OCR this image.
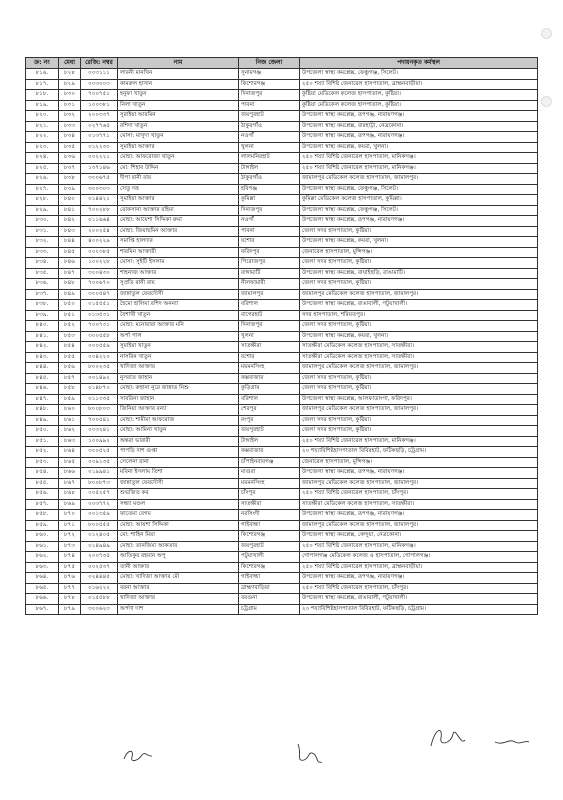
ক্র: নং	মেধা	রেজি: নম্বর	নাম	নিজ জেলা	পদায়নকৃত কর্মস্থল
৮১৬.	৮২৮	০০৩১১১	লাবনী মানখিন	সুনামগঞ্জ	উপজেলা স্বাস্থ্য কমপ্লেক্স, ফেঞ্চুগঞ্জ, সিলেট।
৮১৭.	৮২৯	০০৩০০৩	কামরুল হাসান	কিশোরগঞ্জ	২৫০ শয্যা বিশিষ্ট জেনারেল হাসপাতাল, ব্রাহ্মনবাড়ীয়া।
৮১৮.	৮৩০	৭০০৭৫১	হনুফা খাতুন	দিনাজপুর	কুষ্টিয়া মেডিকেল কলেজ হাসপাতাল, কুষ্টিয়া।
৮১৯.	৮৩১	১০০৩৮১	নিলা খাতুন	পাবনা	কুষ্টিয়া মেডিকেল কলেজ হাসপাতাল, কুষ্টিয়া।
৮২০.	৮৩২	২০০৩৩৭	সুরাইয়া আরমিন	জয়পুরহাট	উপজেলা স্বাস্থ্য কমপ্লেক্স, রূপগঞ্জ, নারায়ণগঞ্জ।
৮২১.	৮৩৩	০২৭৭৬৫	রশিদা খাতুন	ঠাকুরগাঁও	উপজেলা স্বাস্থ্য কমপ্লেক্স, বারহাট্টা, নেত্রকোনা।
৮২২.	৮৩৪	০১৩৭৭১	মোসা: মাসুদা খাতুন	নওগাঁ	উপজেলা স্বাস্থ্য কমপ্লেক্স, রূপগঞ্জ, নারায়ণগঞ্জ।
৮২৩.	৮৩৫	০১২২৩০	সুমাইয়া আক্তার	খুলনা	উপজেলা স্বাস্থ্য কমপ্লেক্স, কয়রা, খুলনা।
৮২৪.	৮৩৬	০০২২২১	মোছা: আফরোজা খাতুন	লালমনিরহাট	২৫০ শয্যা বিশিষ্ট জেনারেল হাসপাতাল, মানিকগঞ্জ।
৮২৫.	৮৩৭	১৩৭১৪৬	মো: শিহাব উদ্দিন	টাঙ্গাইল	২৫০ শয্যা বিশিষ্ট জেনারেল হাসপাতাল, মানিকগঞ্জ।
৮২৬.	৮৩৮	৩০০৬৭৫	দীপা রানী রায়	ঠাকুরগাঁও	জামালপুর মেডিকেল কলেজ হাসপাতাল, জামালপুর।
৮২৭.	৮৩৯	৩০০৩০৩	সেতু দত্ত	হবিগঞ্জ	উপজেলা স্বাস্থ্য কমপ্লেক্স, ফেঞ্চুগঞ্জ, সিলেট।
৮২৮.	৮৪০	০১৪৪২১	সুমাইয়া আক্তার	কুমিল্লা	কুমিল্লা মেডিকেল কলেজ হাসপাতাল, কুমিল্লা।
৮২৯.	৮৪১	৭০০২৮৮	রোকসানা আক্তার রহিমা	দিনাজপুর	উপজেলা স্বাস্থ্য কমপ্লেক্স, ফেঞ্চুগঞ্জ, সিলেট।
৮৩০.	৮৪২	০১১৬৬৪	মোছা: আয়েশা সিদ্দিকা রুমা	নওগাঁ	উপজেলা স্বাস্থ্য কমপ্লেক্স, রূপগঞ্জ, নারায়ণগঞ্জ।
৮৩১.	৮৪৩	২০০২৫৪	মোছা: জিয়াছমিন আক্তার	পাবনা	জেলা সদর হাসপাতাল, কুষ্টিয়া।
৮৩২.	৮৪৪	৪০০২২৯	সমাপ্তি হালদার	যশোর	উপজেলা স্বাস্থ্য কমপ্লেক্স, কয়রা, খুলনা।
৮৩৩.	৮৪৫	০০২৩৮৫	শারমিন আক্তারী	ফরিদপুর	জেনারেল হাসপাতাল, মুন্সিগঞ্জ।
৮৩৪.	৮৪৬	১০০২২৮	মোসা: সুইটি ইসলাম	পিরোজপুর	জেলা সদর হাসপাতাল, কুষ্টিয়া।
৮৩৫.	৮৪৭	৩০০৪৩০	শাহনাজ আক্তার	রাঙ্গামাটি	উপজেলা স্বাস্থ্য কমপ্লেক্স, বাঘাইছড়ি, রাঙামাটি।
৮৩৬.	৮৪৮	৭০০৬৭০	সুপ্রতি রানী রায়	নীলফামারী	জেলা সদর হাসপাতাল, কুষ্টিয়া।
৮৩৭.	৮৪৯	৩০০৫৪৭	জান্নাতুল ফেরদৌসী	জামালপুর	জামালপুর মেডিকেল কলেজ হাসপাতাল, জামালপুর।
৮৩৮.	৮৫০	০১৫৫৫১	হৈমো হালিমা রশিদ অনন্যা	বরিশাল	উপজেলা স্বাস্থ্য কমপ্লেক্স, রাঙাবালী, পটুয়াখালী।
৮৩৯.	৮৫১	০১৩৫৩১	বৈশাখী খাতুন	বাগেরহাট	সদর হাসপাতাল, শরিয়তপুর।
৮৪০.	৮৫২	৭০০৭৩১	মোছা: মনোয়ারা আক্তার মনি	দিনাজপুর	জেলা সদর হাসপাতাল, কুষ্টিয়া।
৮৪১.	৮৫৩	৩০০৫৫৮	অর্পা পাল	খুলনা	উপজেলা স্বাস্থ্য কমপ্লেক্স, কয়রা, খুলনা।
৮৪২.	৮৫৪	০০০৫৫৯	সুমাইয়া খাতুন	সাতক্ষীরা	সাতক্ষীরা মেডিকেল কলেজ হাসপাতাল, সাতক্ষীরা।
৮৪৩.	৮৫৫	০০৪২২০	নাসরিন খাতুন	যশোর	সাতক্ষীরা মেডিকেল কলেজ হাসপাতাল, সাতক্ষীরা।
৮৪৪.	৮৫৬	৮০০২৩৫	খাদিজা আক্তার	ময়মনসিংহ	জামালপুর মেডিকেল কলেজ হাসপাতাল, জামালপুর।
৮৪৫.	৮৫৭	০০১৪৯২	নুসরাত জাহান	কক্সবাজার	জেলা সদর হাসপাতাল, কুষ্টিয়া।
৮৪৬.	৮৫৮	০১৪৮৭০	মোছা: রুহানা নুরে জান্নাত নিশু	কুড়িগ্রাম	জেলা সদর হাসপাতাল, কুষ্টিয়া।
৮৪৭.	৮৫৯	০১১৩৩৫	সাবরিনা জাহান	বরিশাল	উপজেলা স্বাস্থ্য কমপ্লেক্স, আলফাডাংগা, ফরিদপুর।
৮৪৮.	৮৬০	৮০০৮০৩	জিনিয়া আক্তার বন্যা	শেরপুর	জামালপুর মেডিকেল কলেজ হাসপাতাল, জামালপুর।
৮৪৯.	৮৬১	৭০০৫৪১	মোছা: শামীমা আফরোজ	রংপুর	জেলা সদর হাসপাতাল, কুষ্টিয়া।
৮৫০.	৮৬২	০০৩২৪১	মোছা: আমিনা খাতুন	জয়পুরহাট	জেলা সদর হাসপাতাল, কুষ্টিয়া।
৮৫১.	৮৬৩	১০০৯৯২	অন্তরা ভারারী	টাঙ্গাইল	২৫০ শয্যা বিশিষ্ট জেনারেল হাসপাতাল, মানিকগঞ্জ।
৮৫২.	৮৬৪	৩০০৫২৫	পাপড়ি দাশ গুপ্তা	কক্সবাজার	২০ শয্যাবিশিষ্টহাসপাতাল বিবিরহাট, ফটিকছড়ি, চট্রগ্রাম।
৮৫৩.	৮৬৫	০০৯১৩৫	সেলেনা রানা	চাঁপাইনবাবগঞ্জ	জেনারেল হাসপাতাল, মুন্সিগঞ্জ।
৮৫৪.	৮৬৬	০১৯৯৪১	মবিনা ইসলাম তিশা	মাগুরা	উপজেলা স্বাস্থ্য কমপ্লেক্স, রূপগঞ্জ, নারায়ণগঞ্জ।
৮৫৫.	৮৬৭	৮০০৮৭৩	জান্নাতুল ফেরদৌসী	ময়মনসিংহ	জামালপুর মেডিকেল কলেজ হাসপাতাল, জামালপুর।
৮৫৬.	৮৬৮	০০৫২৫৭	শুভজিত কর	চাঁদপুর	২৫০ শয্যা বিশিষ্ট জেনারেল হাসপাতাল, চাঁদপুর।
৮৫৭.	৮৬৯	০০৩৭৭২	সন্ধ্যা মণ্ডল	সাতক্ষীরা	সাতক্ষীরা মেডিকেল কলেজ হাসপাতাল, সাতক্ষীরা।
৮৫৮.	৮৭০	০০১৩৫৯	ফাতেমা বেগম	নরসিংদী	উপজেলা স্বাস্থ্য কমপ্লেক্স, রূপগঞ্জ, নারায়ণগঞ্জ।
৮৫৯.	৮৭১	৮০০৫৫৫	মোছা: আয়শা সিদ্দিকা	গাইবান্ধা	জামালপুর মেডিকেল কলেজ হাসপাতাল, জামালপুর।
৮৬০.	৮৭২	০১২৪০৫	মো: শাহিন মিয়া	কিশোরগঞ্জ	উপজেলা স্বাস্থ্য কমপ্লেক্স, কেন্দুয়া, নেত্রকোনা।
৮৬১.	৮৭৩	০১৪৯৪৯	মোছা: তানজিমা আকতার	জয়পুরহাট	২৫০ শয্যা বিশিষ্ট জেনারেল হাসপাতাল, মানিকগঞ্জ।
৮৬২.	৮৭৪	২০০৭৩৫	আতিকুর রহমান অপু	পটুয়াখালী	গোপালগঞ্জ মেডিকেল কলেজ ও হাসপাতাল, গোপালগঞ্জ।
৮৬৩.	৮৭৫	০০২৫৩৭	তানী আক্তার	কিশোরগঞ্জ	২৫০ শয্যা বিশিষ্ট জেনারেল হাসপাতাল, ব্রাহ্মনবাড়ীয়া।
৮৬৪.	৮৭৬	০২৪৪৪৫	মোছা: খাদিজা আক্তার মৌ	গাইবান্ধা	উপজেলা স্বাস্থ্য কমপ্লেক্স, রূপগঞ্জ, নারায়ণগঞ্জ।
৮৬৫.	৮৭৭	০১৬২২২	বরনা আক্তার	ব্রাহ্মণবাড়িয়া	২৫০ শয্যা বিশিষ্ট জেনারেল হাসপাতাল, চাঁদপুর।
৮৬৬.	৮৭৮	০১৫৫৮৮	খাদিজা আক্তার	বরগুনা	উপজেলা স্বাস্থ্য কমপ্লেক্স, রাঙাবালী, পটুয়াখালী।
৮৬৭.	৮৭৯	৩০০৬২৩	অর্পণা দাশ	চট্রগ্রাম	২০ শয্যাবিশিষ্টহাসপাতাল বিবিরহাট, ফটিকছড়ি, চট্রগ্রাম।
